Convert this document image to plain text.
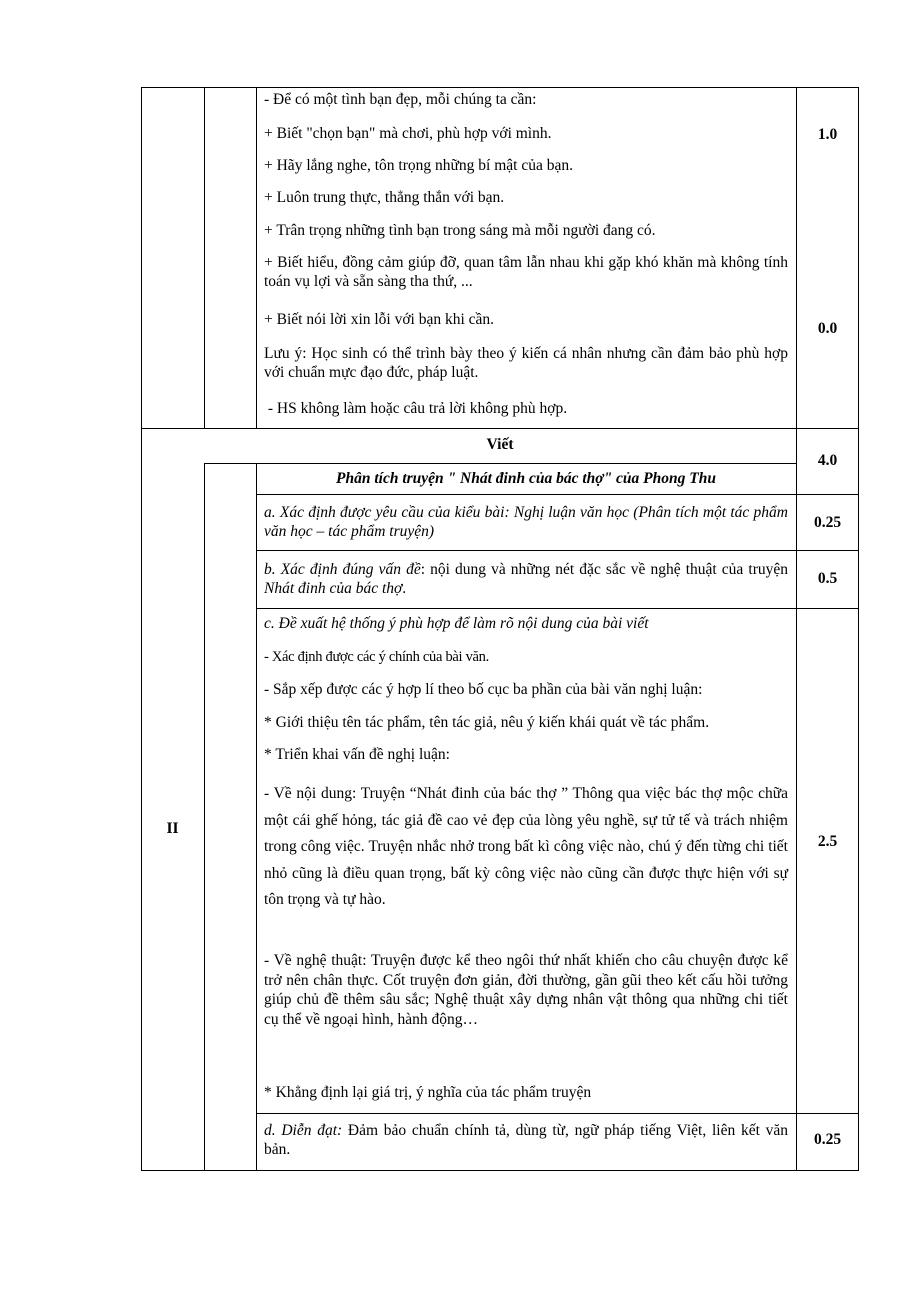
- Để có một tình bạn đẹp, mỗi chúng ta cần:
+ Biết "chọn bạn" mà chơi, phù hợp với mình.
+ Hãy lắng nghe, tôn trọng những bí mật của bạn.
+ Luôn trung thực, thẳng thắn với bạn.
+ Trân trọng những tình bạn trong sáng mà mỗi người đang có.
+ Biết hiểu, đồng cảm giúp đỡ, quan tâm lẫn nhau khi gặp khó khăn mà không tính toán vụ lợi và sẵn sàng tha thứ, ...
+ Biết nói lời xin lỗi với bạn khi cần.
Lưu ý: Học sinh có thể trình bày theo ý kiến cá nhân nhưng cần đảm bảo phù hợp với chuẩn mực đạo đức, pháp luật.
- HS không làm hoặc câu trả lời không phù hợp.
1.0
0.0
II
Viết
4.0
Phân tích truyện " Nhát đinh của bác thợ" của Phong Thu
a. Xác định được yêu cầu của kiểu bài: Nghị luận văn học (Phân tích một tác phẩm văn học – tác phẩm truyện)
0.25
b. Xác định đúng vấn đề: nội dung và những nét đặc sắc về nghệ thuật của truyện Nhát đinh của bác thợ.
0.5
c. Đề xuất hệ thống ý phù hợp để làm rõ nội dung của bài viết
- Xác định được các ý chính của bài văn.
- Sắp xếp được các ý hợp lí theo bố cục ba phần của bài văn nghị luận:
* Giới thiệu tên tác phẩm, tên tác giả, nêu ý kiến khái quát về tác phẩm.
* Triển khai vấn đề nghị luận:
- Về nội dung: Truyện “Nhát đinh của bác thợ ” Thông qua việc bác thợ mộc chữa một cái ghế hỏng, tác giả đề cao vẻ đẹp của lòng yêu nghề, sự tử tế và trách nhiệm trong công việc. Truyện nhắc nhở trong bất kì công việc nào, chú ý đến từng chi tiết nhỏ cũng là điều quan trọng, bất kỳ công việc nào cũng cần được thực hiện với sự tôn trọng và tự hào.
- Về nghệ thuật: Truyện được kể theo ngôi thứ nhất khiến cho câu chuyện được kể trở nên chân thực. Cốt truyện đơn giản, đời thường, gần gũi theo kết cấu hồi tưởng giúp chủ đề thêm sâu sắc; Nghệ thuật xây dựng nhân vật thông qua những chi tiết cụ thể về ngoại hình, hành động…
* Khẳng định lại giá trị, ý nghĩa của tác phẩm truyện
2.5
d. Diễn đạt: Đảm bảo chuẩn chính tả, dùng từ, ngữ pháp tiếng Việt, liên kết văn bản.
0.25
